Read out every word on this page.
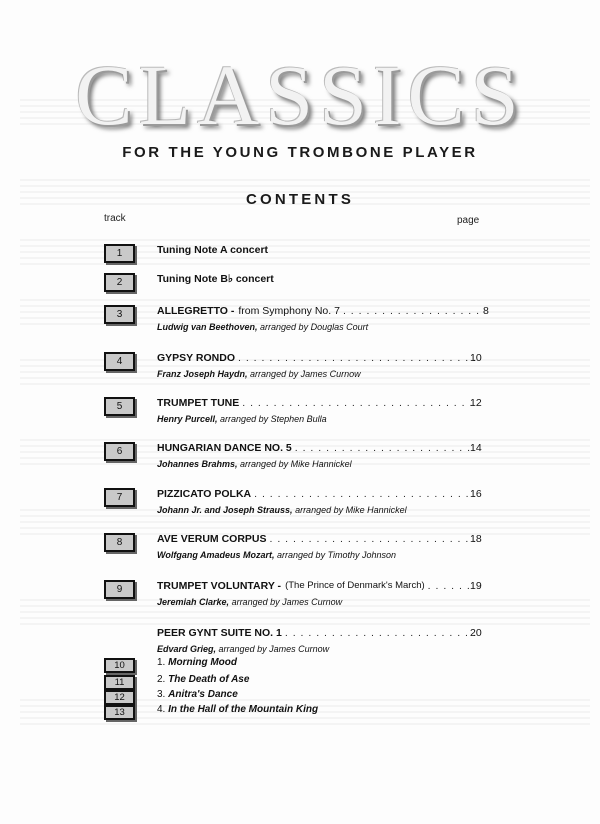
CLASSICS
FOR THE YOUNG TROMBONE PLAYER
CONTENTS
track	page
1	Tuning Note A concert
2	Tuning Note B♭ concert
3	ALLEGRETTO - from Symphony No. 7 . . .	8
Ludwig van Beethoven, arranged by Douglas Court
4	GYPSY RONDO . . .	10
Franz Joseph Haydn, arranged by James Curnow
5	TRUMPET TUNE . . .	12
Henry Purcell, arranged by Stephen Bulla
6	HUNGARIAN DANCE NO. 5 . . .	14
Johannes Brahms, arranged by Mike Hannickel
7	PIZZICATO POLKA . . .	16
Johann Jr. and Joseph Strauss, arranged by Mike Hannickel
8	AVE VERUM CORPUS . . .	18
Wolfgang Amadeus Mozart, arranged by Timothy Johnson
9	TRUMPET VOLUNTARY - (The Prince of Denmark's March) . . .	19
Jeremiah Clarke, arranged by James Curnow
PEER GYNT SUITE NO. 1 . . .	20
Edvard Grieg, arranged by James Curnow
10	1. Morning Mood
11	2. The Death of Ase
12	3. Anitra's Dance
13	4. In the Hall of the Mountain King
